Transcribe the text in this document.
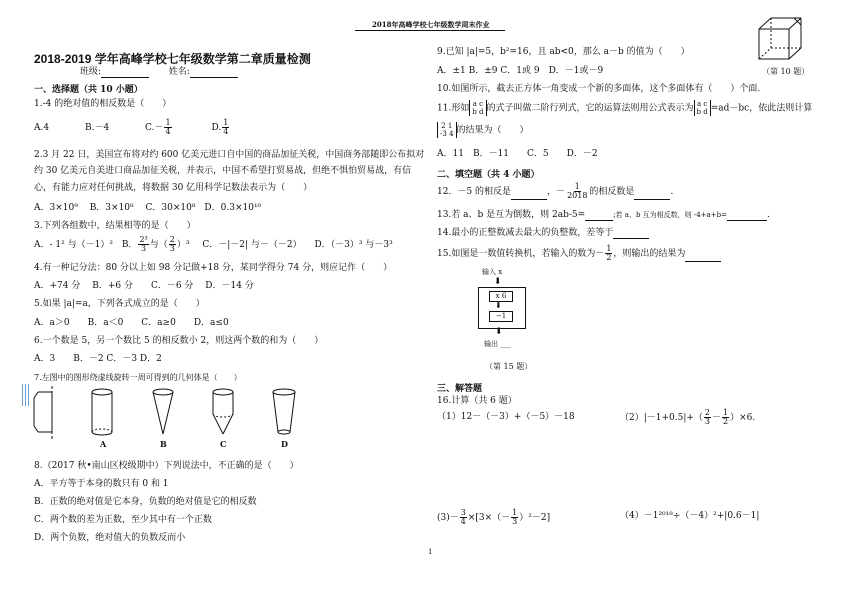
2018年高峰学校七年级数学周末作业
2018-2019 学年高峰学校七年级数学第二章质量检测
班级:	姓名:
一、选择题（共 10 小题）
1.-4 的绝对值的相反数是（　　）
A.4	B.－4	$C.- \frac{1}{4}$	D. $\frac{1}{4}$
2.3 月 22 日，美国宣布将对约 600 亿美元进口自中国的商品加征关税，中国商务部随即公布拟对
约 30 亿美元自美进口商品加征关税，并表示，中国不希望打贸易战，但绝不惧怕贸易战，有信
心，有能力应对任何挑战，将数据 30 亿用科学记数法表示为（　　）
A．3×10⁹　 B．3×10⁸　 C．30×10⁸　D．0.3×10¹⁰
3.下列各组数中，结果相等的是（　　）
A．- 1² 与（－1）² B． $\frac{\text{2³}}{3}$ 与（ $\frac{2}{3} )^3$ C．－|－2| 与－（－2） D．（－3）³ 与－3³
4.有一种记分法：80 分以上如 98 分记做+18 分，某同学得分 74 分，则应记作（　　）
A．+74 分　 B．+6 分　　C．－6 分　 D．－14 分
5.如果 |a|=a，下列各式成立的是（　　）
A．a＞0　　B．a＜0　　C．a≥0　　D．a≤0
6.一个数是 5，另一个数比 5 的相反数小 2，则这两个数的和为（　　）
A．3　　B．－2 C．－3 D．2
7.左图中的图形绕虚线旋转一周可得到的几何体是（　　）
A	B	C	D
8.（2017 秋•南山区校级期中）下列说法中，不正确的是（　　）
A．平方等于本身的数只有 0 和 1
B．正数的绝对值是它本身，负数的绝对值是它的相反数
C．两个数的差为正数，至少其中有一个正数
D．两个负数，绝对值大的负数反而小
9.已知 |a|=5，b²=16，且 ab<0，那么 a－b 的值为（　　）
A．±1 B．±9 C．1或 9　D．－1或－9	（第 10 题）
10.如图所示，截去正方体一角变成一个新的多面体，这个多面体有（　　）个面.
11.形如 a c
b d 的式子叫做二阶行列式，它的运算法则用公式表示为 a c
b d =ad－bc，依此法则计算
2 1
-3 4 的结果为（　　）
A．11　B．－11　　C．5　　D．－2
二、填空题（共 4 小题）
12．－5 的相反是	，－ $\frac{1}{2018}$ 的相反数是	.
13.若 a、b 是互为倒数，则 2ab-5=	;若 a、b 互为相反数，则 -4+a+b=	.
14.最小的正整数减去最大的负整数，差等于
15.如图是一数值转换机，若输入的数为－ $\frac{1}{2}$ ，则输出的结果为
输入 x
⬇
x 6
⬇
−1
⬇
输出 ___
（第 15 题）
三、解答题
16.计算（共 6 题）
（1）12－（－3）+（－5）－18	$(2)|-1+0.5|+( \frac{2}{3} - \frac{1}{2} )\times 6$.
$(3)- \frac{3}{4} \times[3\times(- \frac{1}{3} )^2-2]$	（4）－1²⁰¹⁸÷（－4）²+|0.6－1|
1
